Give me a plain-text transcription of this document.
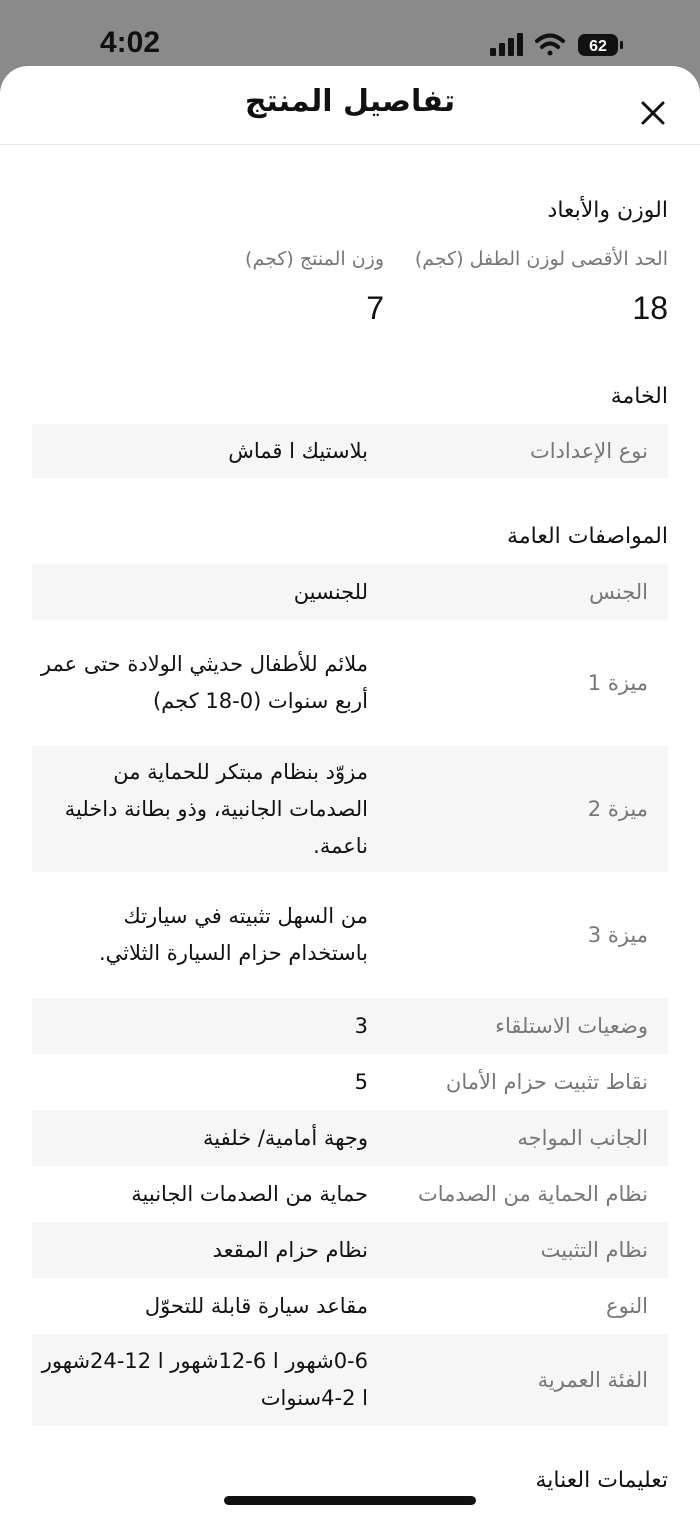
4:02	62
تفاصيل المنتج
الوزن والأبعاد
الحد الأقصى لوزن الطفل (كجم)
وزن المنتج (كجم)
18
7
الخامة
نوع الإعدادات
بلاستيك ا قماش
المواصفات العامة
الجنس
للجنسين
ميزة 1
ملائم للأطفال حديثي الولادة حتى عمر أربع سنوات (0-18 كجم)
ميزة 2
مزوّد بنظام مبتكر للحماية من الصدمات الجانبية، وذو بطانة داخلية ناعمة.
ميزة 3
من السهل تثبيته في سيارتك باستخدام حزام السيارة الثلاثي.
وضعيات الاستلقاء
3
نقاط تثبيت حزام الأمان
5
الجانب المواجه
وجهة أمامية/ خلفية
نظام الحماية من الصدمات
حماية من الصدمات الجانبية
نظام التثبيت
نظام حزام المقعد
النوع
مقاعد سيارة قابلة للتحوّل
الفئة العمرية
0-6شهور ا 6-12شهور ا 12-24شهور ا 2-4سنوات
تعليمات العناية
